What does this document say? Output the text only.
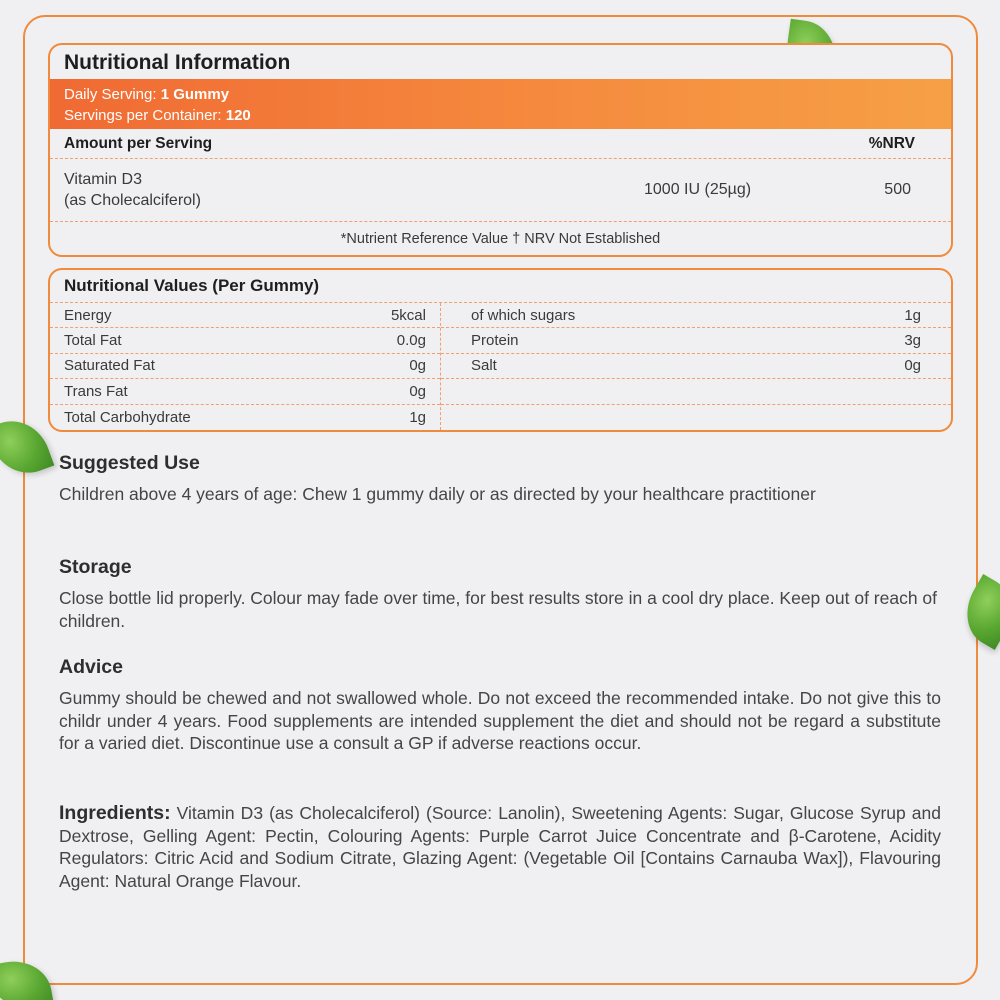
Nutritional Information
Daily Serving: 1 Gummy
Servings per Container: 120
Amount per Serving	%NRV
Vitamin D3
(as Cholecalciferol)
1000 IU (25µg)	500
*Nutrient Reference Value † NRV Not Established
Nutritional Values (Per Gummy)
Energy	5kcal
Total Fat	0.0g
Saturated Fat	0g
Trans Fat	0g
Total Carbohydrate	1g
of which sugars	1g
Protein	3g
Salt	0g
Suggested Use
Children above 4 years of age: Chew 1 gummy daily or as directed by your healthcare practitioner
Storage
Close bottle lid properly. Colour may fade over time, for best results store in a cool dry place. Keep out of reach of children.
Advice
Gummy should be chewed and not swallowed whole. Do not exceed the recommended intake. Do not give this to childr under 4 years. Food supplements are intended supplement the diet and should not be regard a substitute for a varied diet. Discontinue use a consult a GP if adverse reactions occur.
Ingredients: Vitamin D3 (as Cholecalciferol) (Source: Lanolin), Sweetening Agents: Sugar, Glucose Syrup and Dextrose, Gelling Agent: Pectin, Colouring Agents: Purple Carrot Juice Concentrate and β-Carotene, Acidity Regulators: Citric Acid and Sodium Citrate, Glazing Agent: (Vegetable Oil [Contains Carnauba Wax]), Flavouring Agent: Natural Orange Flavour.
